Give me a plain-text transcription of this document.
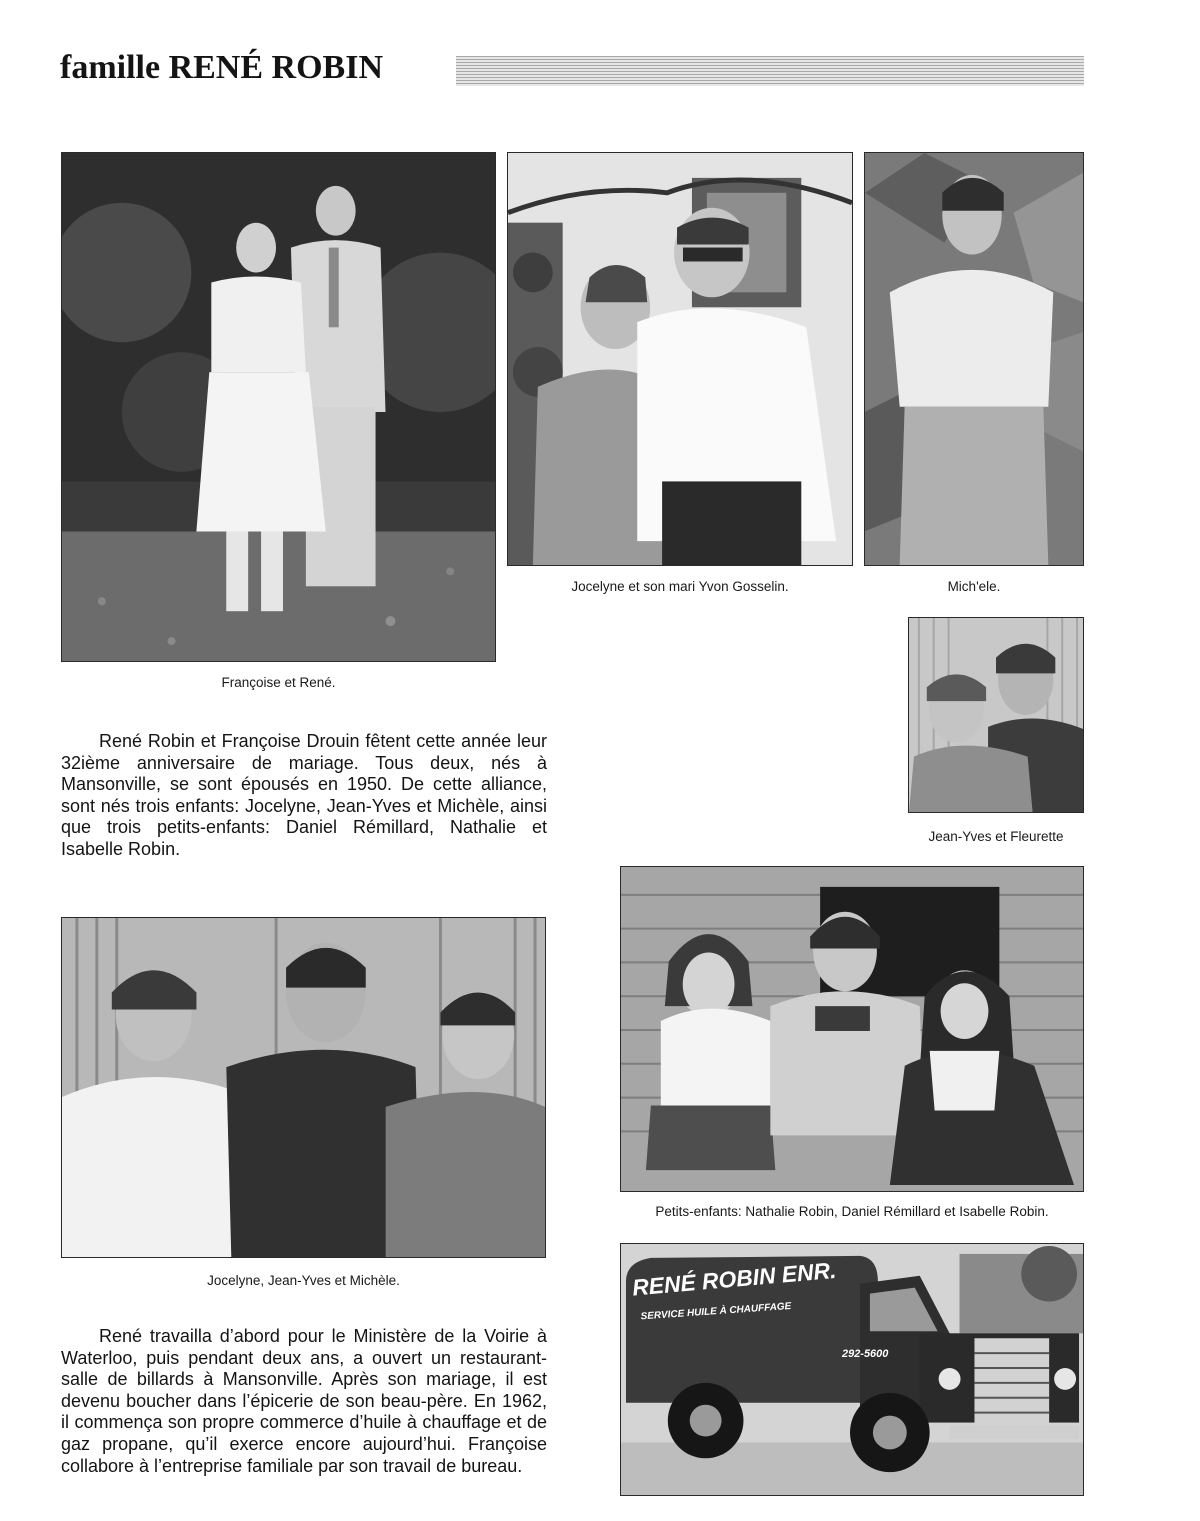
famille RENÉ ROBIN
Françoise et René.
Jocelyne et son mari Yvon Gosselin.	Mich'ele.
Jean-Yves et Fleurette

René Robin et Françoise Drouin fêtent cette année leur 32ième anniversaire de mariage. Tous deux, nés à Mansonville, se sont épousés en 1950. De cette alliance, sont nés trois enfants: Jocelyne, Jean-Yves et Michèle, ainsi que trois petits-enfants: Daniel Rémillard, Nathalie et Isabelle Robin.

Jocelyne, Jean-Yves et Michèle.
Petits-enfants: Nathalie Robin, Daniel Rémillard et Isabelle Robin.
RENÉ ROBIN ENR.
SERVICE HUILE À CHAUFFAGE
292-5600

René travailla d’abord pour le Ministère de la Voirie à Waterloo, puis pendant deux ans, a ouvert un restaurant-salle de billards à Mansonville. Après son mariage, il est devenu boucher dans l’épicerie de son beau-père. En 1962, il commença son propre commerce d’huile à chauffage et de gaz propane, qu’il exerce encore aujourd’hui. Françoise collabore à l’entreprise familiale par son travail de bureau.
